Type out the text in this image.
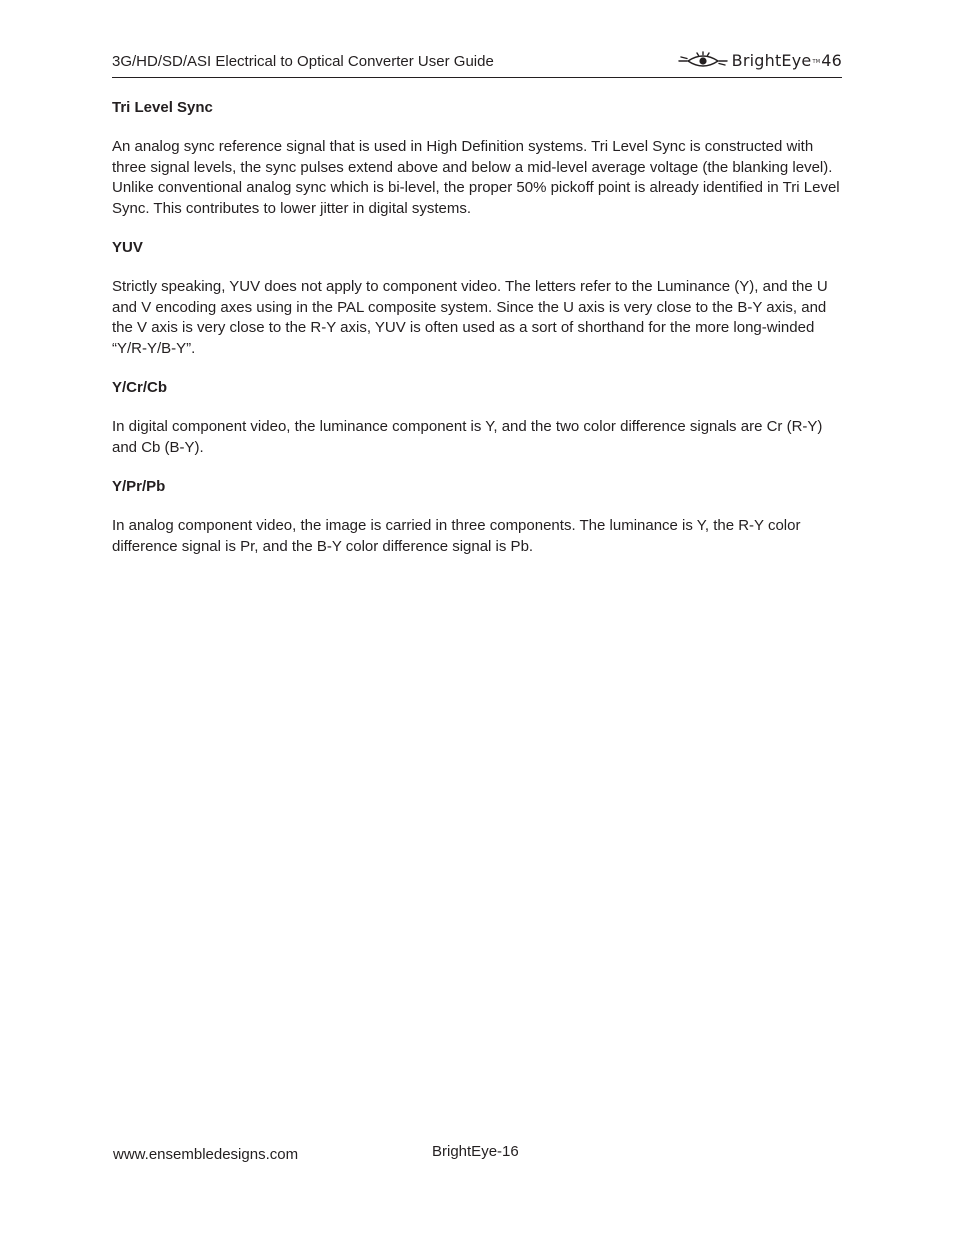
3G/HD/SD/ASI Electrical to Optical Converter User Guide	BrightEye™46
Tri Level Sync
An analog sync reference signal that is used in High Definition systems. Tri Level Sync is constructed with three signal levels, the sync pulses extend above and below a mid-level average voltage (the blanking level). Unlike conventional analog sync which is bi-level, the proper 50% pickoff point is already identified in Tri Level Sync. This contributes to lower jitter in digital systems.
YUV
Strictly speaking, YUV does not apply to component video. The letters refer to the Luminance (Y), and the U and V encoding axes using in the PAL composite system. Since the U axis is very close to the B-Y axis, and the V axis is very close to the R-Y axis, YUV is often used as a sort of shorthand for the more long-winded “Y/R-Y/B-Y”.
Y/Cr/Cb
In digital component video, the luminance component is Y, and the two color difference signals are Cr (R-Y) and Cb (B-Y).
Y/Pr/Pb
In analog component video, the image is carried in three components. The luminance is Y, the R-Y color difference signal is Pr, and the B-Y color difference signal is Pb.
www.ensembledesigns.com	BrightEye-16
